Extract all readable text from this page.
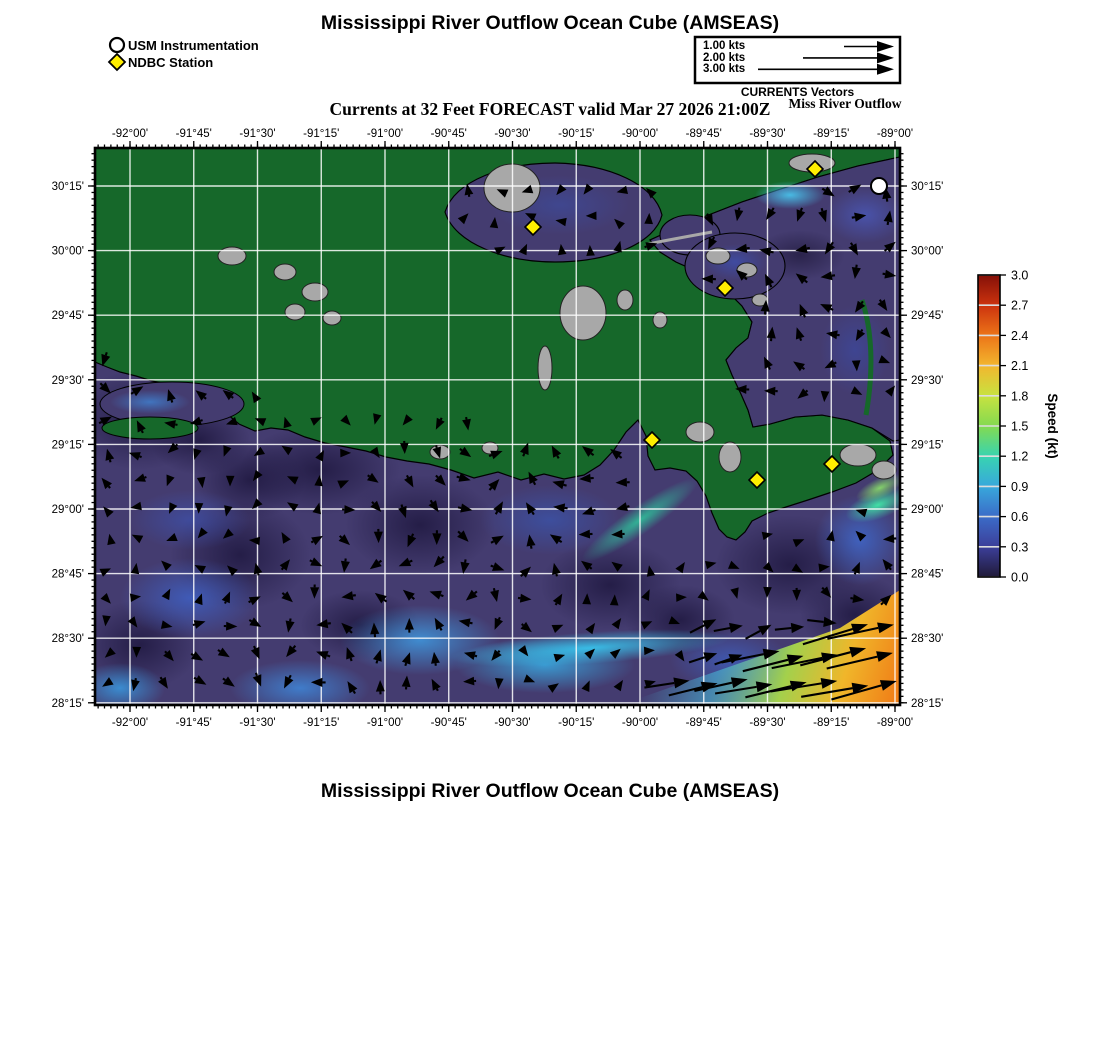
-92°00'
-92°00'
-91°45'
-91°45'
-91°30'
-91°30'
-91°15'
-91°15'
-91°00'
-91°00'
-90°45'
-90°45'
-90°30'
-90°30'
-90°15'
-90°15'
-90°00'
-90°00'
-89°45'
-89°45'
-89°30'
-89°30'
-89°15'
-89°15'
-89°00'
-89°00'
30°15'	30°15'
30°00'	30°00'
29°45'	29°45'
29°30'	29°30'
29°15'	29°15'
29°00'	29°00'
28°45'	28°45'
28°30'	28°30'
28°15'	28°15'
3.0
2.7
2.4
2.1
1.8
1.5
1.2
0.9
0.6
0.3
0.0
Speed (kt)
Mississippi River Outflow Ocean Cube (AMSEAS)
Currents at 32 Feet FORECAST valid Mar 27 2026 21:00Z	Miss River Outflow
Mississippi River Outflow Ocean Cube (AMSEAS)
USM Instrumentation
NDBC Station
1.00 kts
2.00 kts
3.00 kts
CURRENTS Vectors
